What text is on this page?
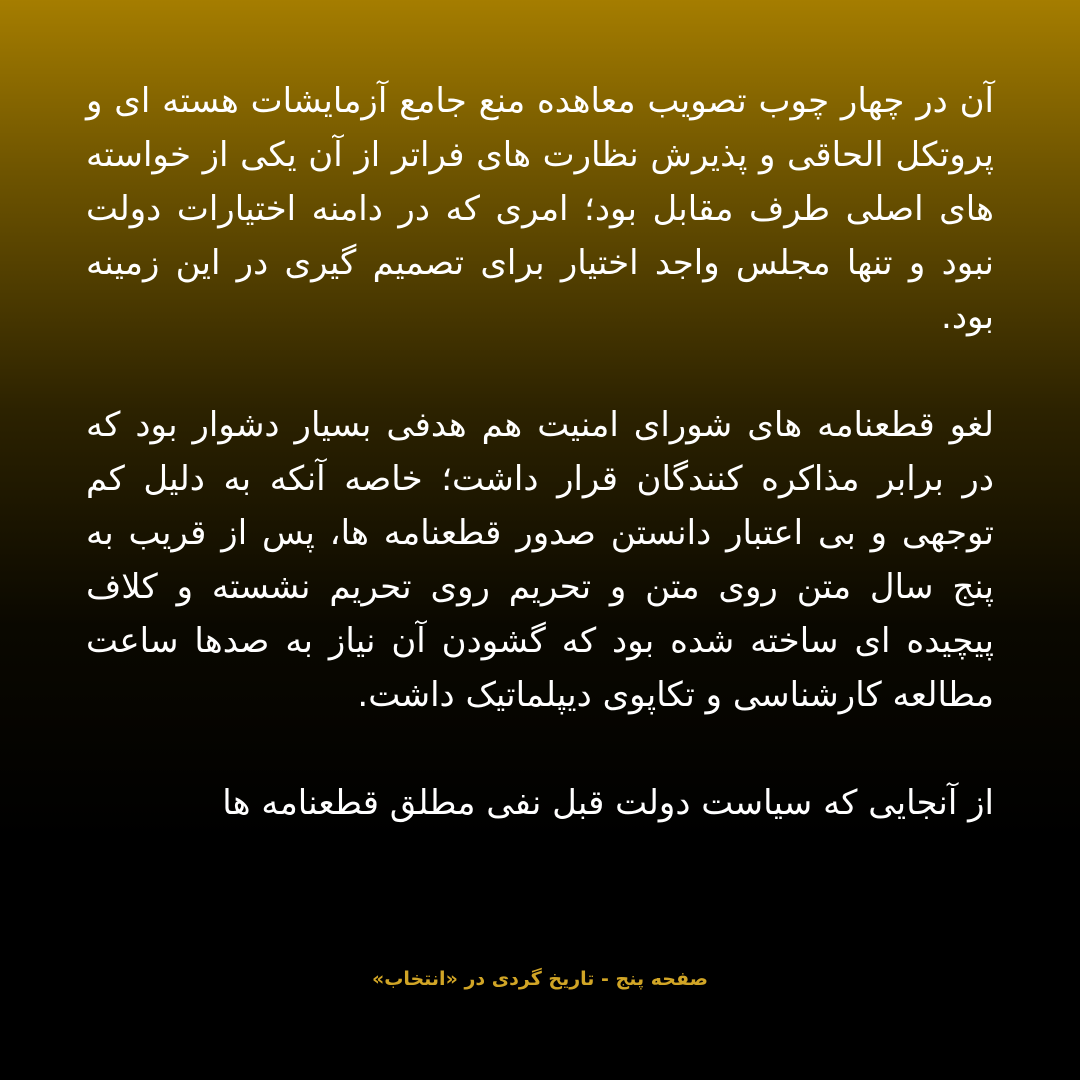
آن در چهار چوب تصویب معاهده منع جامع آزمایشات هسته ای و پروتکل الحاقی و پذیرش نظارت های فراتر از آن یکی از خواسته های اصلی طرف مقابل بود؛ امری که در دامنه اختیارات دولت نبود و تنها مجلس واجد اختیار برای تصمیم گیری در این زمینه بود.

لغو قطعنامه های شورای امنیت هم هدفی بسیار دشوار بود که در برابر مذاکره کنندگان قرار داشت؛ خاصه آنکه به دلیل کم توجهی و بی اعتبار دانستن صدور قطعنامه ها، پس از قریب به پنج سال متن روی متن و تحریم روی تحریم نشسته و کلاف پیچیده ای ساخته شده بود که گشودن آن نیاز به صدها ساعت مطالعه کارشناسی و تکاپوی دیپلماتیک داشت.

از آنجایی که سیاست دولت قبل نفی مطلق قطعنامه ها

صفحه پنج - تاریخ گردی در «انتخاب»
